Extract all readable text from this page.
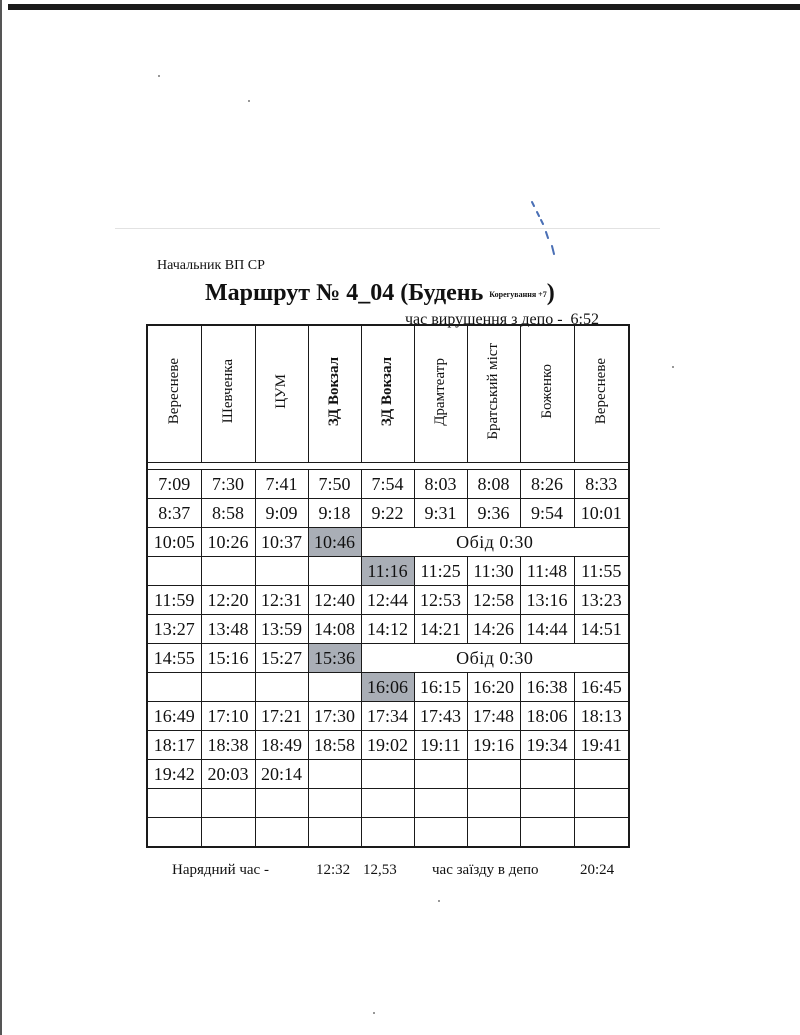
Начальник ВП СР
Маршрут № 4_04 (Будень Корегування +7)
час вирушення з депо - 6:52
Вересневе	Шевченка	ЦУМ	ЗД Вокзал	ЗД Вокзал	Драмтеатр	Братський міст	Боженко	Вересневе

7:09	7:30	7:41	7:50	7:54	8:03	8:08	8:26	8:33
8:37	8:58	9:09	9:18	9:22	9:31	9:36	9:54	10:01
10:05	10:26	10:37	10:46	Обід 0:30				
				11:16	11:25	11:30	11:48	11:55
11:59	12:20	12:31	12:40	12:44	12:53	12:58	13:16	13:23
13:27	13:48	13:59	14:08	14:12	14:21	14:26	14:44	14:51
14:55	15:16	15:27	15:36	Обід 0:30				
				16:06	16:15	16:20	16:38	16:45
16:49	17:10	17:21	17:30	17:34	17:43	17:48	18:06	18:13
18:17	18:38	18:49	18:58	19:02	19:11	19:16	19:34	19:41
19:42	20:03	20:14						

Нарядний час -	12:32 12,53 час заїзду в депо	20:24
